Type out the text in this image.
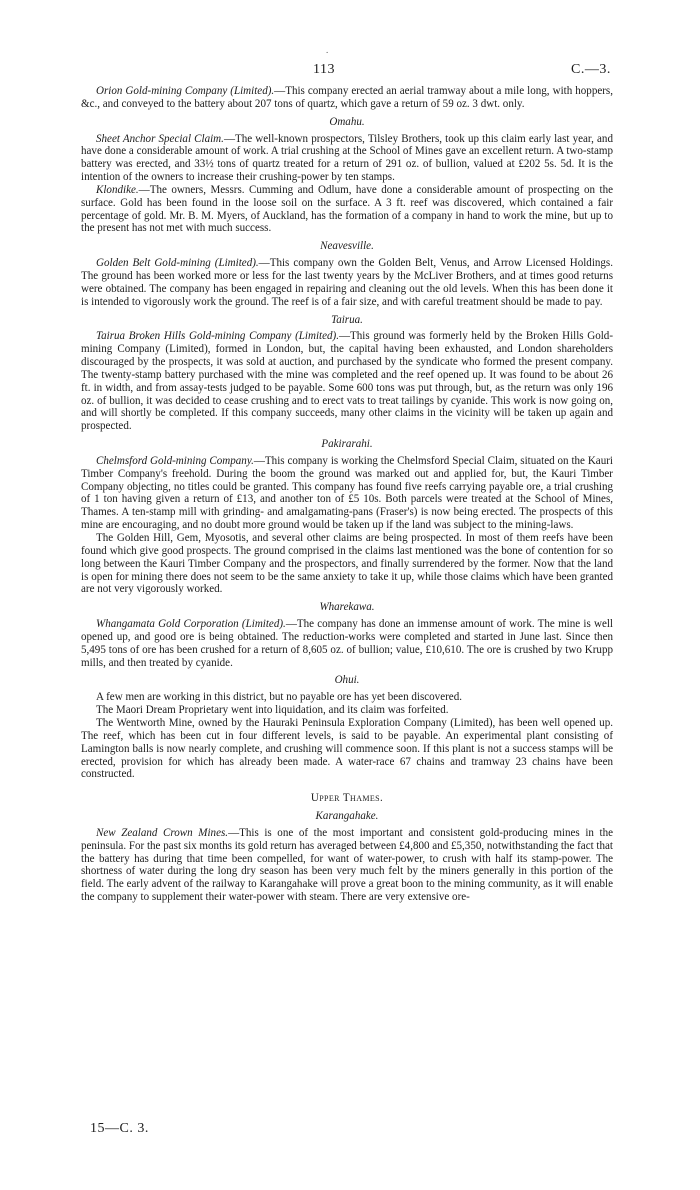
.
113	C.—3.

Orion Gold-mining Company (Limited).—This company erected an aerial tramway about a mile long, with hoppers, &c., and conveyed to the battery about 207 tons of quartz, which gave a return of 59 oz. 3 dwt. only.

Omahu.

Sheet Anchor Special Claim.—The well-known prospectors, Tilsley Brothers, took up this claim early last year, and have done a considerable amount of work. A trial crushing at the School of Mines gave an excellent return. A two-stamp battery was erected, and 33½ tons of quartz treated for a return of 291 oz. of bullion, valued at £202 5s. 5d. It is the intention of the owners to increase their crushing-power by ten stamps.

Klondike.—The owners, Messrs. Cumming and Odlum, have done a considerable amount of prospecting on the surface. Gold has been found in the loose soil on the surface. A 3 ft. reef was discovered, which contained a fair percentage of gold. Mr. B. M. Myers, of Auckland, has the formation of a company in hand to work the mine, but up to the present has not met with much success.

Neavesville.

Golden Belt Gold-mining (Limited).—This company own the Golden Belt, Venus, and Arrow Licensed Holdings. The ground has been worked more or less for the last twenty years by the McLiver Brothers, and at times good returns were obtained. The company has been engaged in repairing and cleaning out the old levels. When this has been done it is intended to vigorously work the ground. The reef is of a fair size, and with careful treatment should be made to pay.

Tairua.

Tairua Broken Hills Gold-mining Company (Limited).—This ground was formerly held by the Broken Hills Gold-mining Company (Limited), formed in London, but, the capital having been exhausted, and London shareholders discouraged by the prospects, it was sold at auction, and purchased by the syndicate who formed the present company. The twenty-stamp battery purchased with the mine was completed and the reef opened up. It was found to be about 26 ft. in width, and from assay-tests judged to be payable. Some 600 tons was put through, but, as the return was only 196 oz. of bullion, it was decided to cease crushing and to erect vats to treat tailings by cyanide. This work is now going on, and will shortly be completed. If this company succeeds, many other claims in the vicinity will be taken up again and prospected.

Pakirarahi.

Chelmsford Gold-mining Company.—This company is working the Chelmsford Special Claim, situated on the Kauri Timber Company's freehold. During the boom the ground was marked out and applied for, but, the Kauri Timber Company objecting, no titles could be granted. This company has found five reefs carrying payable ore, a trial crushing of 1 ton having given a return of £13, and another ton of £5 10s. Both parcels were treated at the School of Mines, Thames. A ten-stamp mill with grinding- and amalgamating-pans (Fraser's) is now being erected. The prospects of this mine are encouraging, and no doubt more ground would be taken up if the land was subject to the mining-laws.

The Golden Hill, Gem, Myosotis, and several other claims are being prospected. In most of them reefs have been found which give good prospects. The ground comprised in the claims last mentioned was the bone of contention for so long between the Kauri Timber Company and the prospectors, and finally surrendered by the former. Now that the land is open for mining there does not seem to be the same anxiety to take it up, while those claims which have been granted are not very vigorously worked.

Wharekawa.

Whangamata Gold Corporation (Limited).—The company has done an immense amount of work. The mine is well opened up, and good ore is being obtained. The reduction-works were completed and started in June last. Since then 5,495 tons of ore has been crushed for a return of 8,605 oz. of bullion; value, £10,610. The ore is crushed by two Krupp mills, and then treated by cyanide.

Ohui.

A few men are working in this district, but no payable ore has yet been discovered.

The Maori Dream Proprietary went into liquidation, and its claim was forfeited.

The Wentworth Mine, owned by the Hauraki Peninsula Exploration Company (Limited), has been well opened up. The reef, which has been cut in four different levels, is said to be payable. An experimental plant consisting of Lamington balls is now nearly complete, and crushing will commence soon. If this plant is not a success stamps will be erected, provision for which has already been made. A water-race 67 chains and tramway 23 chains have been constructed.

Upper Thames.
Karangahake.

New Zealand Crown Mines.—This is one of the most important and consistent gold-producing mines in the peninsula. For the past six months its gold return has averaged between £4,800 and £5,350, notwithstanding the fact that the battery has during that time been compelled, for want of water-power, to crush with half its stamp-power. The shortness of water during the long dry season has been very much felt by the miners generally in this portion of the field. The early advent of the railway to Karangahake will prove a great boon to the mining community, as it will enable the company to supplement their water-power with steam. There are very extensive ore-

15—C. 3.
